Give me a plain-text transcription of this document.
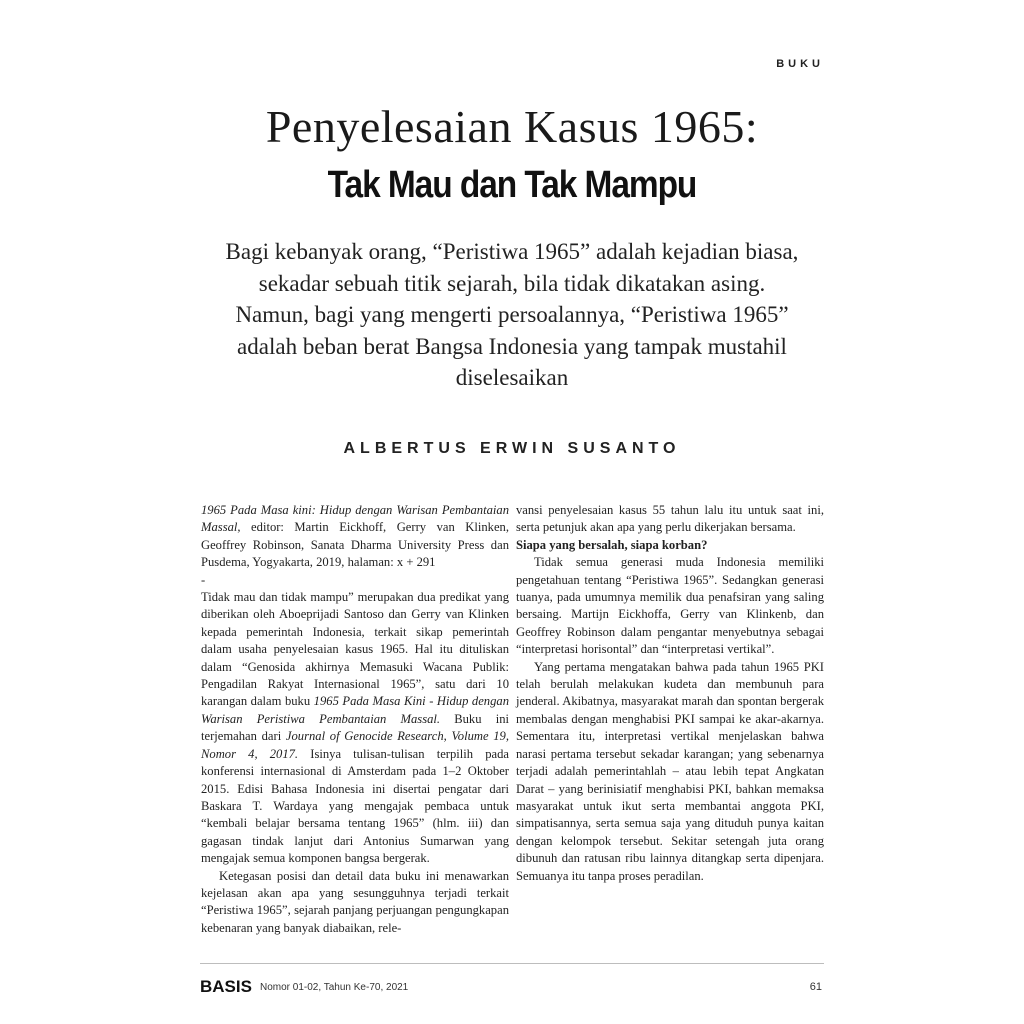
BUKU
Penyelesaian Kasus 1965:
Tak Mau dan Tak Mampu
Bagi kebanyak orang, “Peristiwa 1965” adalah kejadian biasa, sekadar sebuah titik sejarah, bila tidak dikatakan asing. Namun, bagi yang mengerti persoalannya, “Peristiwa 1965” adalah beban berat Bangsa Indonesia yang tampak mustahil diselesaikan
ALBERTUS ERWIN SUSANTO

1965 Pada Masa kini: Hidup dengan Warisan Pembantaian Massal, editor: Martin Eickhoff, Gerry van Klinken, Geoffrey Robinson, Sanata Dharma University Press dan Pusdema, Yogyakarta, 2019, halaman: x + 291

-

Tidak mau dan tidak mampu” merupakan dua predikat yang diberikan oleh Aboeprijadi Santoso dan Gerry van Klinken kepada pemerintah Indonesia, terkait sikap pemerintah dalam usaha penyelesaian kasus 1965. Hal itu dituliskan dalam “Genosida akhirnya Memasuki Wacana Publik: Pengadilan Rakyat Internasional 1965”, satu dari 10 karangan dalam buku 1965 Pada Masa Kini - Hidup dengan Warisan Peristiwa Pembantaian Massal. Buku ini terjemahan dari Journal of Genocide Research, Volume 19, Nomor 4, 2017. Isinya tulisan-tulisan terpilih pada konferensi internasional di Amsterdam pada 1–2 Oktober 2015. Edisi Bahasa Indonesia ini disertai pengatar dari Baskara T. Wardaya yang mengajak pembaca untuk “kembali belajar bersama tentang 1965” (hlm. iii) dan gagasan tindak lanjut dari Antonius Sumarwan yang mengajak semua komponen bangsa bergerak.

Ketegasan posisi dan detail data buku ini menawarkan kejelasan akan apa yang sesungguhnya terjadi terkait “Peristiwa 1965”, sejarah panjang perjuangan pengungkapan kebenaran yang banyak diabaikan, rele-

vansi penyelesaian kasus 55 tahun lalu itu untuk saat ini, serta petunjuk akan apa yang perlu dikerjakan bersama.

Siapa yang bersalah, siapa korban?

Tidak semua generasi muda Indonesia memiliki pengetahuan tentang “Peristiwa 1965”. Sedangkan generasi tuanya, pada umumnya memilik dua penafsiran yang saling bersaing. Martijn Eickhoffa, Gerry van Klinkenb, dan Geoffrey Robinson dalam pengantar menyebutnya sebagai “interpretasi horisontal” dan “interpretasi vertikal”.

Yang pertama mengatakan bahwa pada tahun 1965 PKI telah berulah melakukan kudeta dan membunuh para jenderal. Akibatnya, masyarakat marah dan spontan bergerak membalas dengan menghabisi PKI sampai ke akar-akarnya. Sementara itu, interpretasi vertikal menjelaskan bahwa narasi pertama tersebut sekadar karangan; yang sebenarnya terjadi adalah pemerintahlah – atau lebih tepat Angkatan Darat – yang berinisiatif menghabisi PKI, bahkan memaksa masyarakat untuk ikut serta membantai anggota PKI, simpatisannya, serta semua saja yang dituduh punya kaitan dengan kelompok tersebut. Sekitar setengah juta orang dibunuh dan ratusan ribu lainnya ditangkap serta dipenjara. Semuanya itu tanpa proses peradilan.

BASIS Nomor 01-02, Tahun Ke-70, 2021	61
